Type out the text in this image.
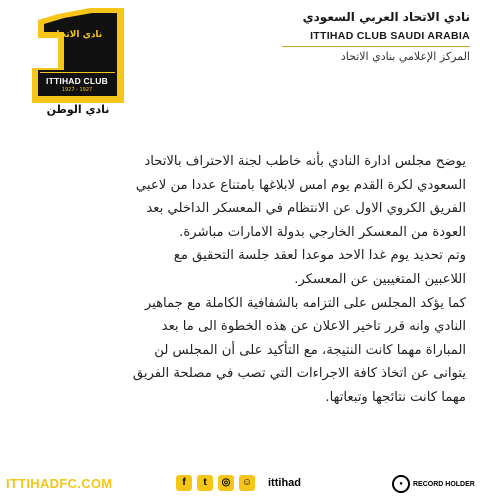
نادي الاتحاد
ITTIHAD CLUB
1927 - 1927
نادي الوطن
نادي الاتحاد العربي السعودي
ITTIHAD CLUB SAUDI ARABIA
المركز الإعلامي بنادي الاتحاد
يوضح مجلس ادارة النادي بأنه خاطب لجنة الاحتراف بالاتحاد
السعودي لكرة القدم يوم امس لابلاغها بامتناع عددا من لاعبي
الفريق الكروي الاول عن الانتظام في المعسكر الداخلي بعد
العودة من المعسكر الخارجي بدولة الامارات مباشرة.
وتم تحديد يوم غدا الاحد موعدا لعقد جلسة التحقيق مع
اللاعبين المتغيبين عن المعسكر.
كما يؤكد المجلس على التزامه بالشفافية الكاملة مع جماهير
النادي وانه قرر تاخير الاعلان عن هذه الخطوة الى ما بعد
المباراة مهما كانت النتيجة، مع التأكيد على أن المجلس لن
يتوانى عن اتخاذ كافة الاجراءات التي تصب في مصلحة الفريق
مهما كانت نتائجها وتبعاتها.
ITTIHADFC.COM	f	t	◎	☺ ittihad	●	RECORD HOLDER
